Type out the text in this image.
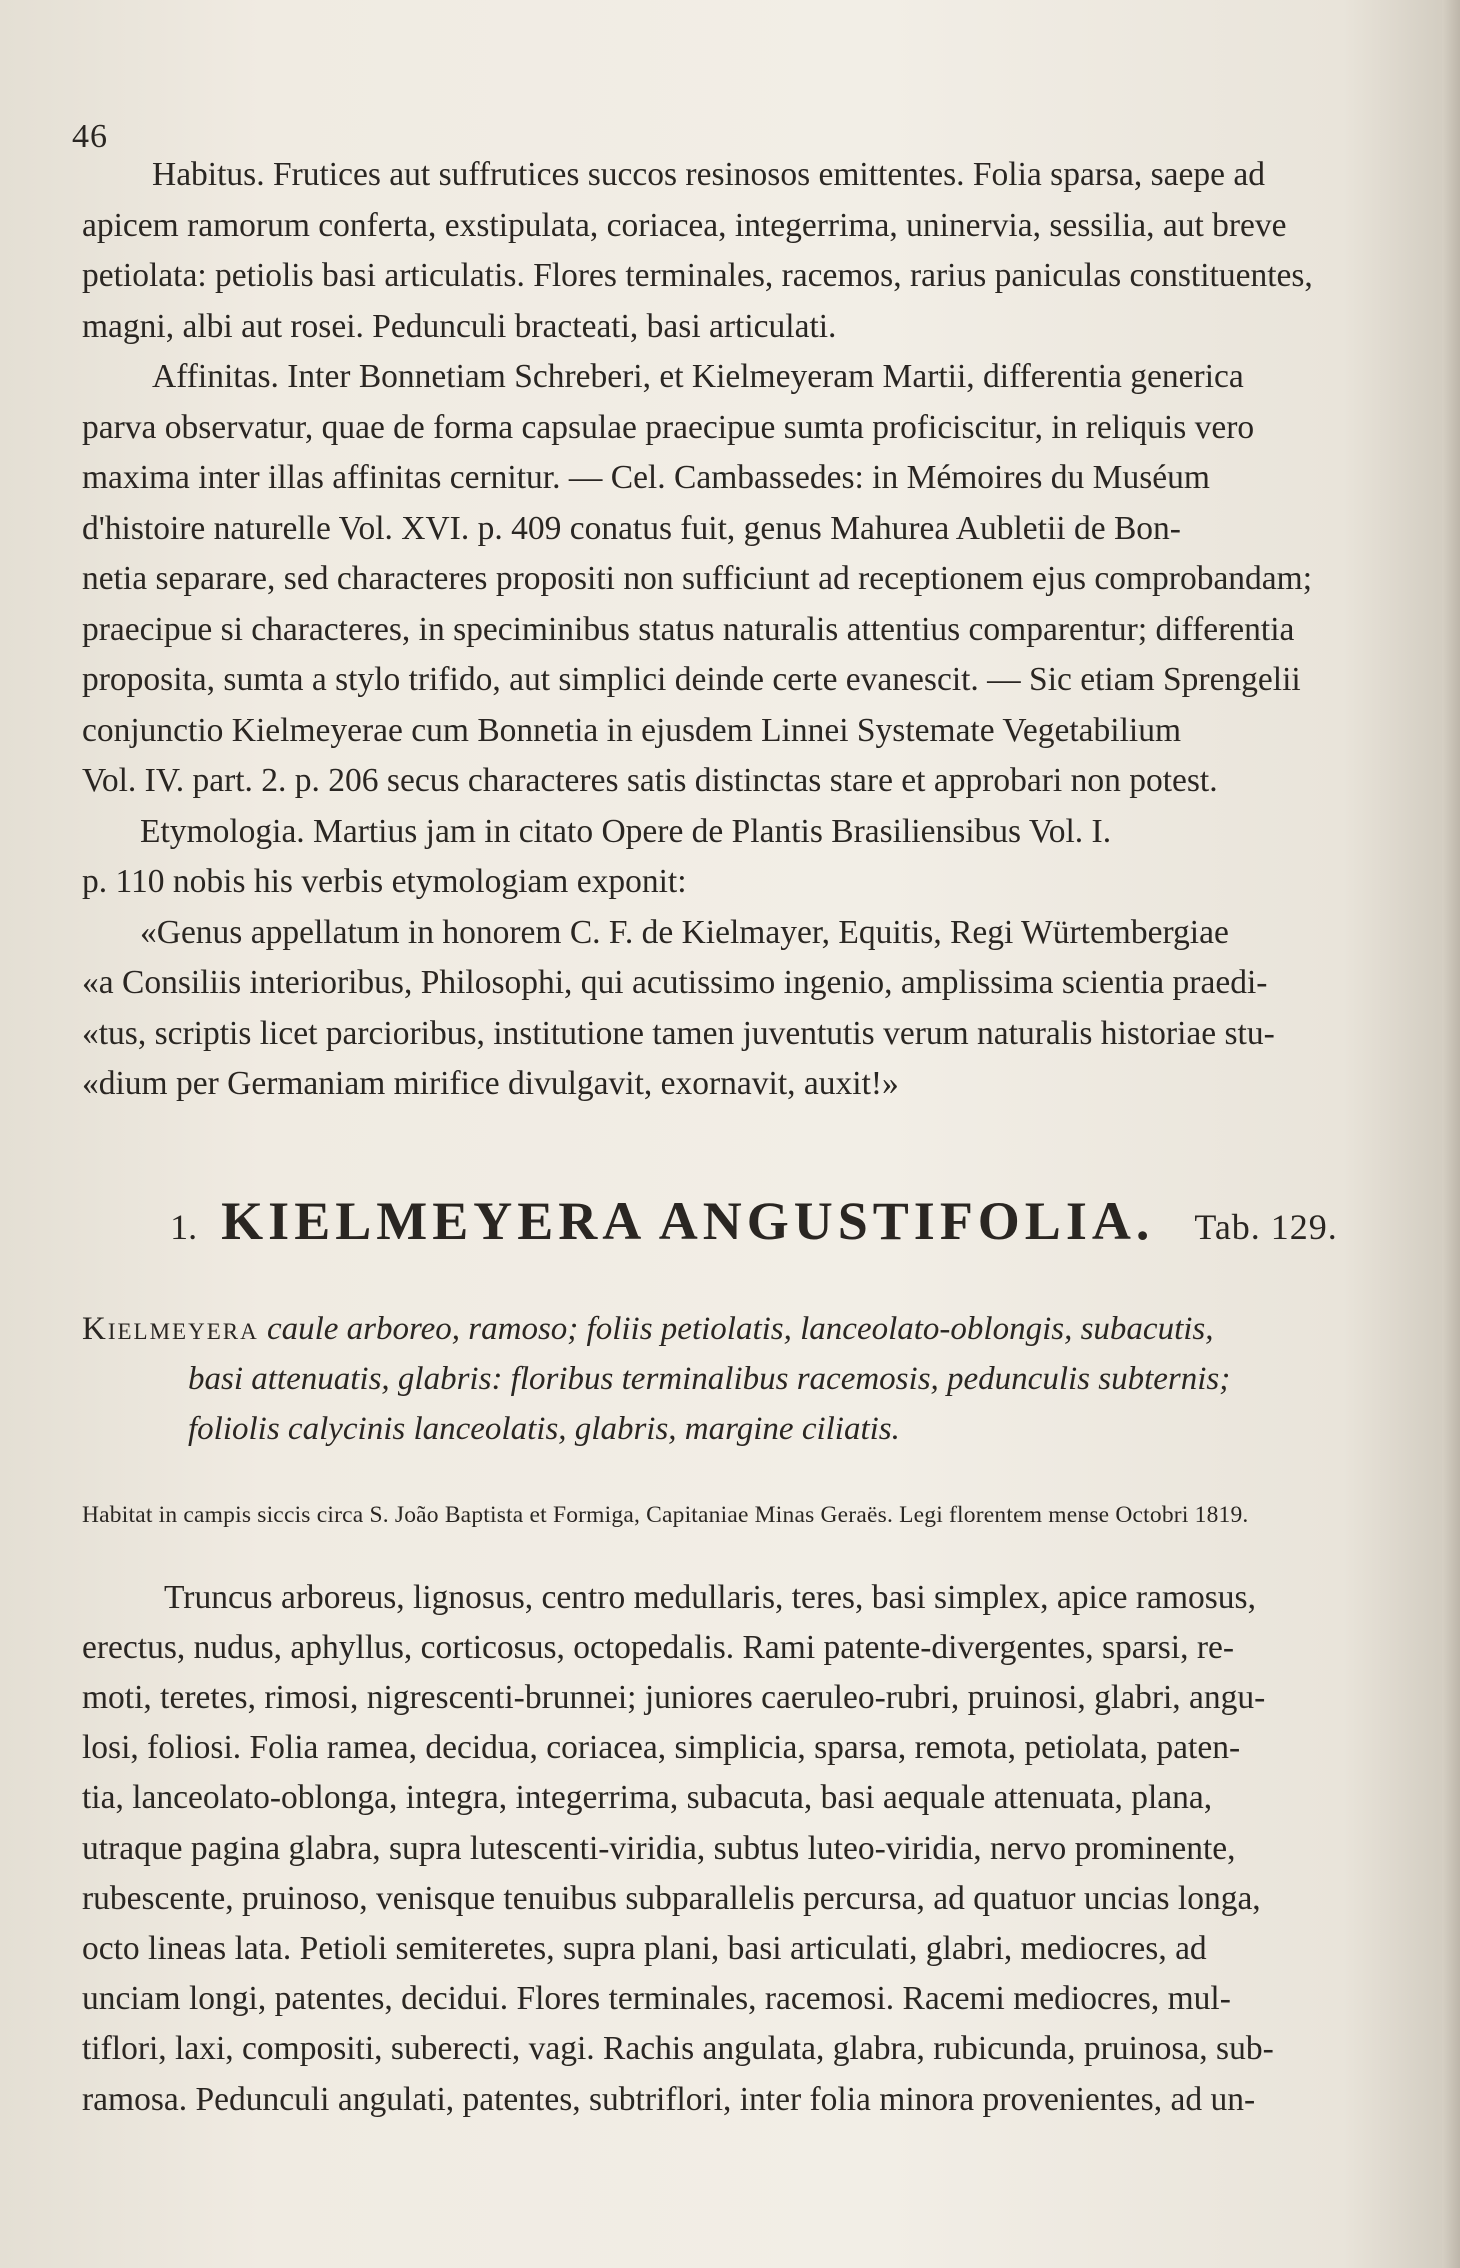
46
Habitus. Frutices aut suffrutices succos resinosos emittentes. Folia sparsa, saepe ad
apicem ramorum conferta, exstipulata, coriacea, integerrima, uninervia, sessilia, aut breve
petiolata: petiolis basi articulatis. Flores terminales, racemos, rarius paniculas constituentes,
magni, albi aut rosei. Pedunculi bracteati, basi articulati.
Affinitas. Inter Bonnetiam Schreberi, et Kielmeyeram Martii, differentia generica
parva observatur, quae de forma capsulae praecipue sumta proficiscitur, in reliquis vero
maxima inter illas affinitas cernitur. — Cel. Cambassedes: in Mémoires du Muséum
d'histoire naturelle Vol. XVI. p. 409 conatus fuit, genus Mahurea Aubletii de Bon-
netia separare, sed characteres propositi non sufficiunt ad receptionem ejus comprobandam;
praecipue si characteres, in speciminibus status naturalis attentius comparentur; differentia
proposita, sumta a stylo trifido, aut simplici deinde certe evanescit. — Sic etiam Sprengelii
conjunctio Kielmeyerae cum Bonnetia in ejusdem Linnei Systemate Vegetabilium
Vol. IV. part. 2. p. 206 secus characteres satis distinctas stare et approbari non potest.
Etymologia. Martius jam in citato Opere de Plantis Brasiliensibus Vol. I.
p. 110 nobis his verbis etymologiam exponit:
«Genus appellatum in honorem C. F. de Kielmayer, Equitis, Regi Würtembergiae
«a Consiliis interioribus, Philosophi, qui acutissimo ingenio, amplissima scientia praedi-
«tus, scriptis licet parcioribus, institutione tamen juventutis verum naturalis historiae stu-
«dium per Germaniam mirifice divulgavit, exornavit, auxit!»
1. KIELMEYERA ANGUSTIFOLIA. Tab. 129.
Kielmeyera caule arboreo, ramoso; foliis petiolatis, lanceolato-oblongis, subacutis,
basi attenuatis, glabris: floribus terminalibus racemosis, pedunculis subternis;
foliolis calycinis lanceolatis, glabris, margine ciliatis.
Habitat in campis siccis circa S. João Baptista et Formiga, Capitaniae Minas Geraës. Legi florentem mense Octobri 1819.
Truncus arboreus, lignosus, centro medullaris, teres, basi simplex, apice ramosus,
erectus, nudus, aphyllus, corticosus, octopedalis. Rami patente-divergentes, sparsi, re-
moti, teretes, rimosi, nigrescenti-brunnei; juniores caeruleo-rubri, pruinosi, glabri, angu-
losi, foliosi. Folia ramea, decidua, coriacea, simplicia, sparsa, remota, petiolata, paten-
tia, lanceolato-oblonga, integra, integerrima, subacuta, basi aequale attenuata, plana,
utraque pagina glabra, supra lutescenti-viridia, subtus luteo-viridia, nervo prominente,
rubescente, pruinoso, venisque tenuibus subparallelis percursa, ad quatuor uncias longa,
octo lineas lata. Petioli semiteretes, supra plani, basi articulati, glabri, mediocres, ad
unciam longi, patentes, decidui. Flores terminales, racemosi. Racemi mediocres, mul-
tiflori, laxi, compositi, suberecti, vagi. Rachis angulata, glabra, rubicunda, pruinosa, sub-
ramosa. Pedunculi angulati, patentes, subtriflori, inter folia minora provenientes, ad un-
